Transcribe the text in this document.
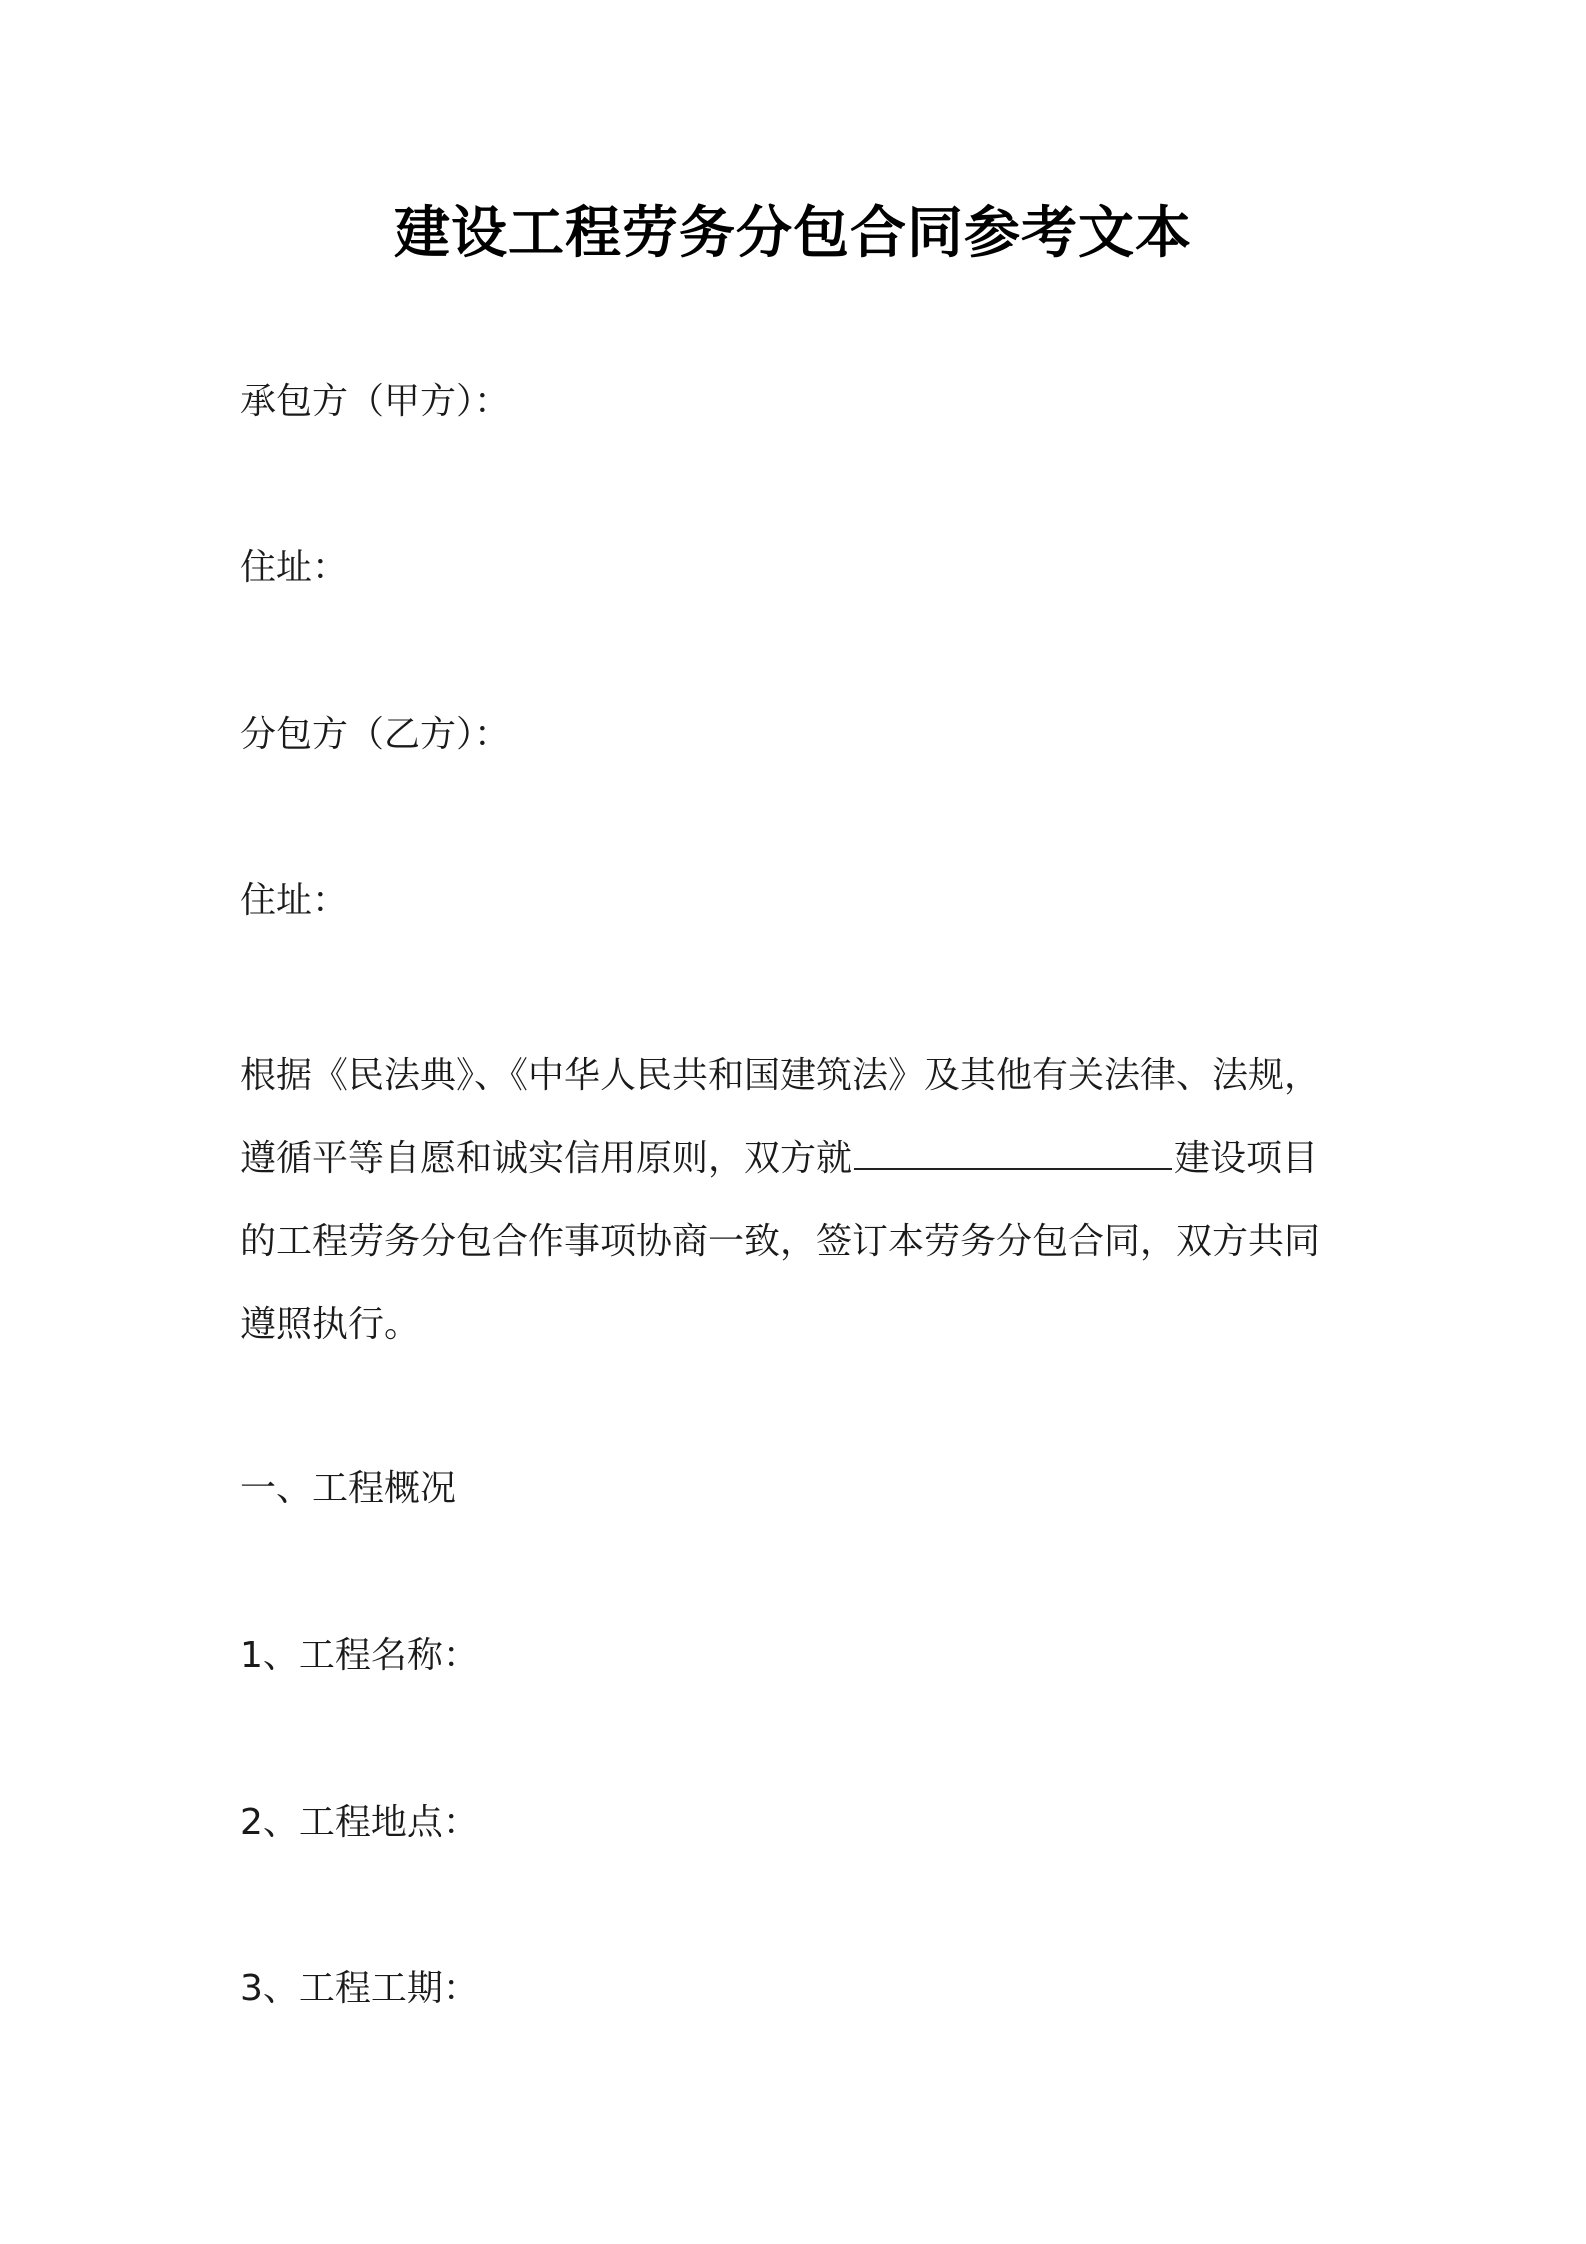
建设工程劳务分包合同参考文本
承包方（甲方）：
住址：
分包方（乙方）：
住址：
根据《民法典》、《中华人民共和国建筑法》及其他有关法律、法规，
遵循平等自愿和诚实信用原则，双方就	建设项目
的工程劳务分包合作事项协商一致，签订本劳务分包合同，双方共同
遵照执行。
一、工程概况
1、工程名称：
2、工程地点：
3、工程工期：
